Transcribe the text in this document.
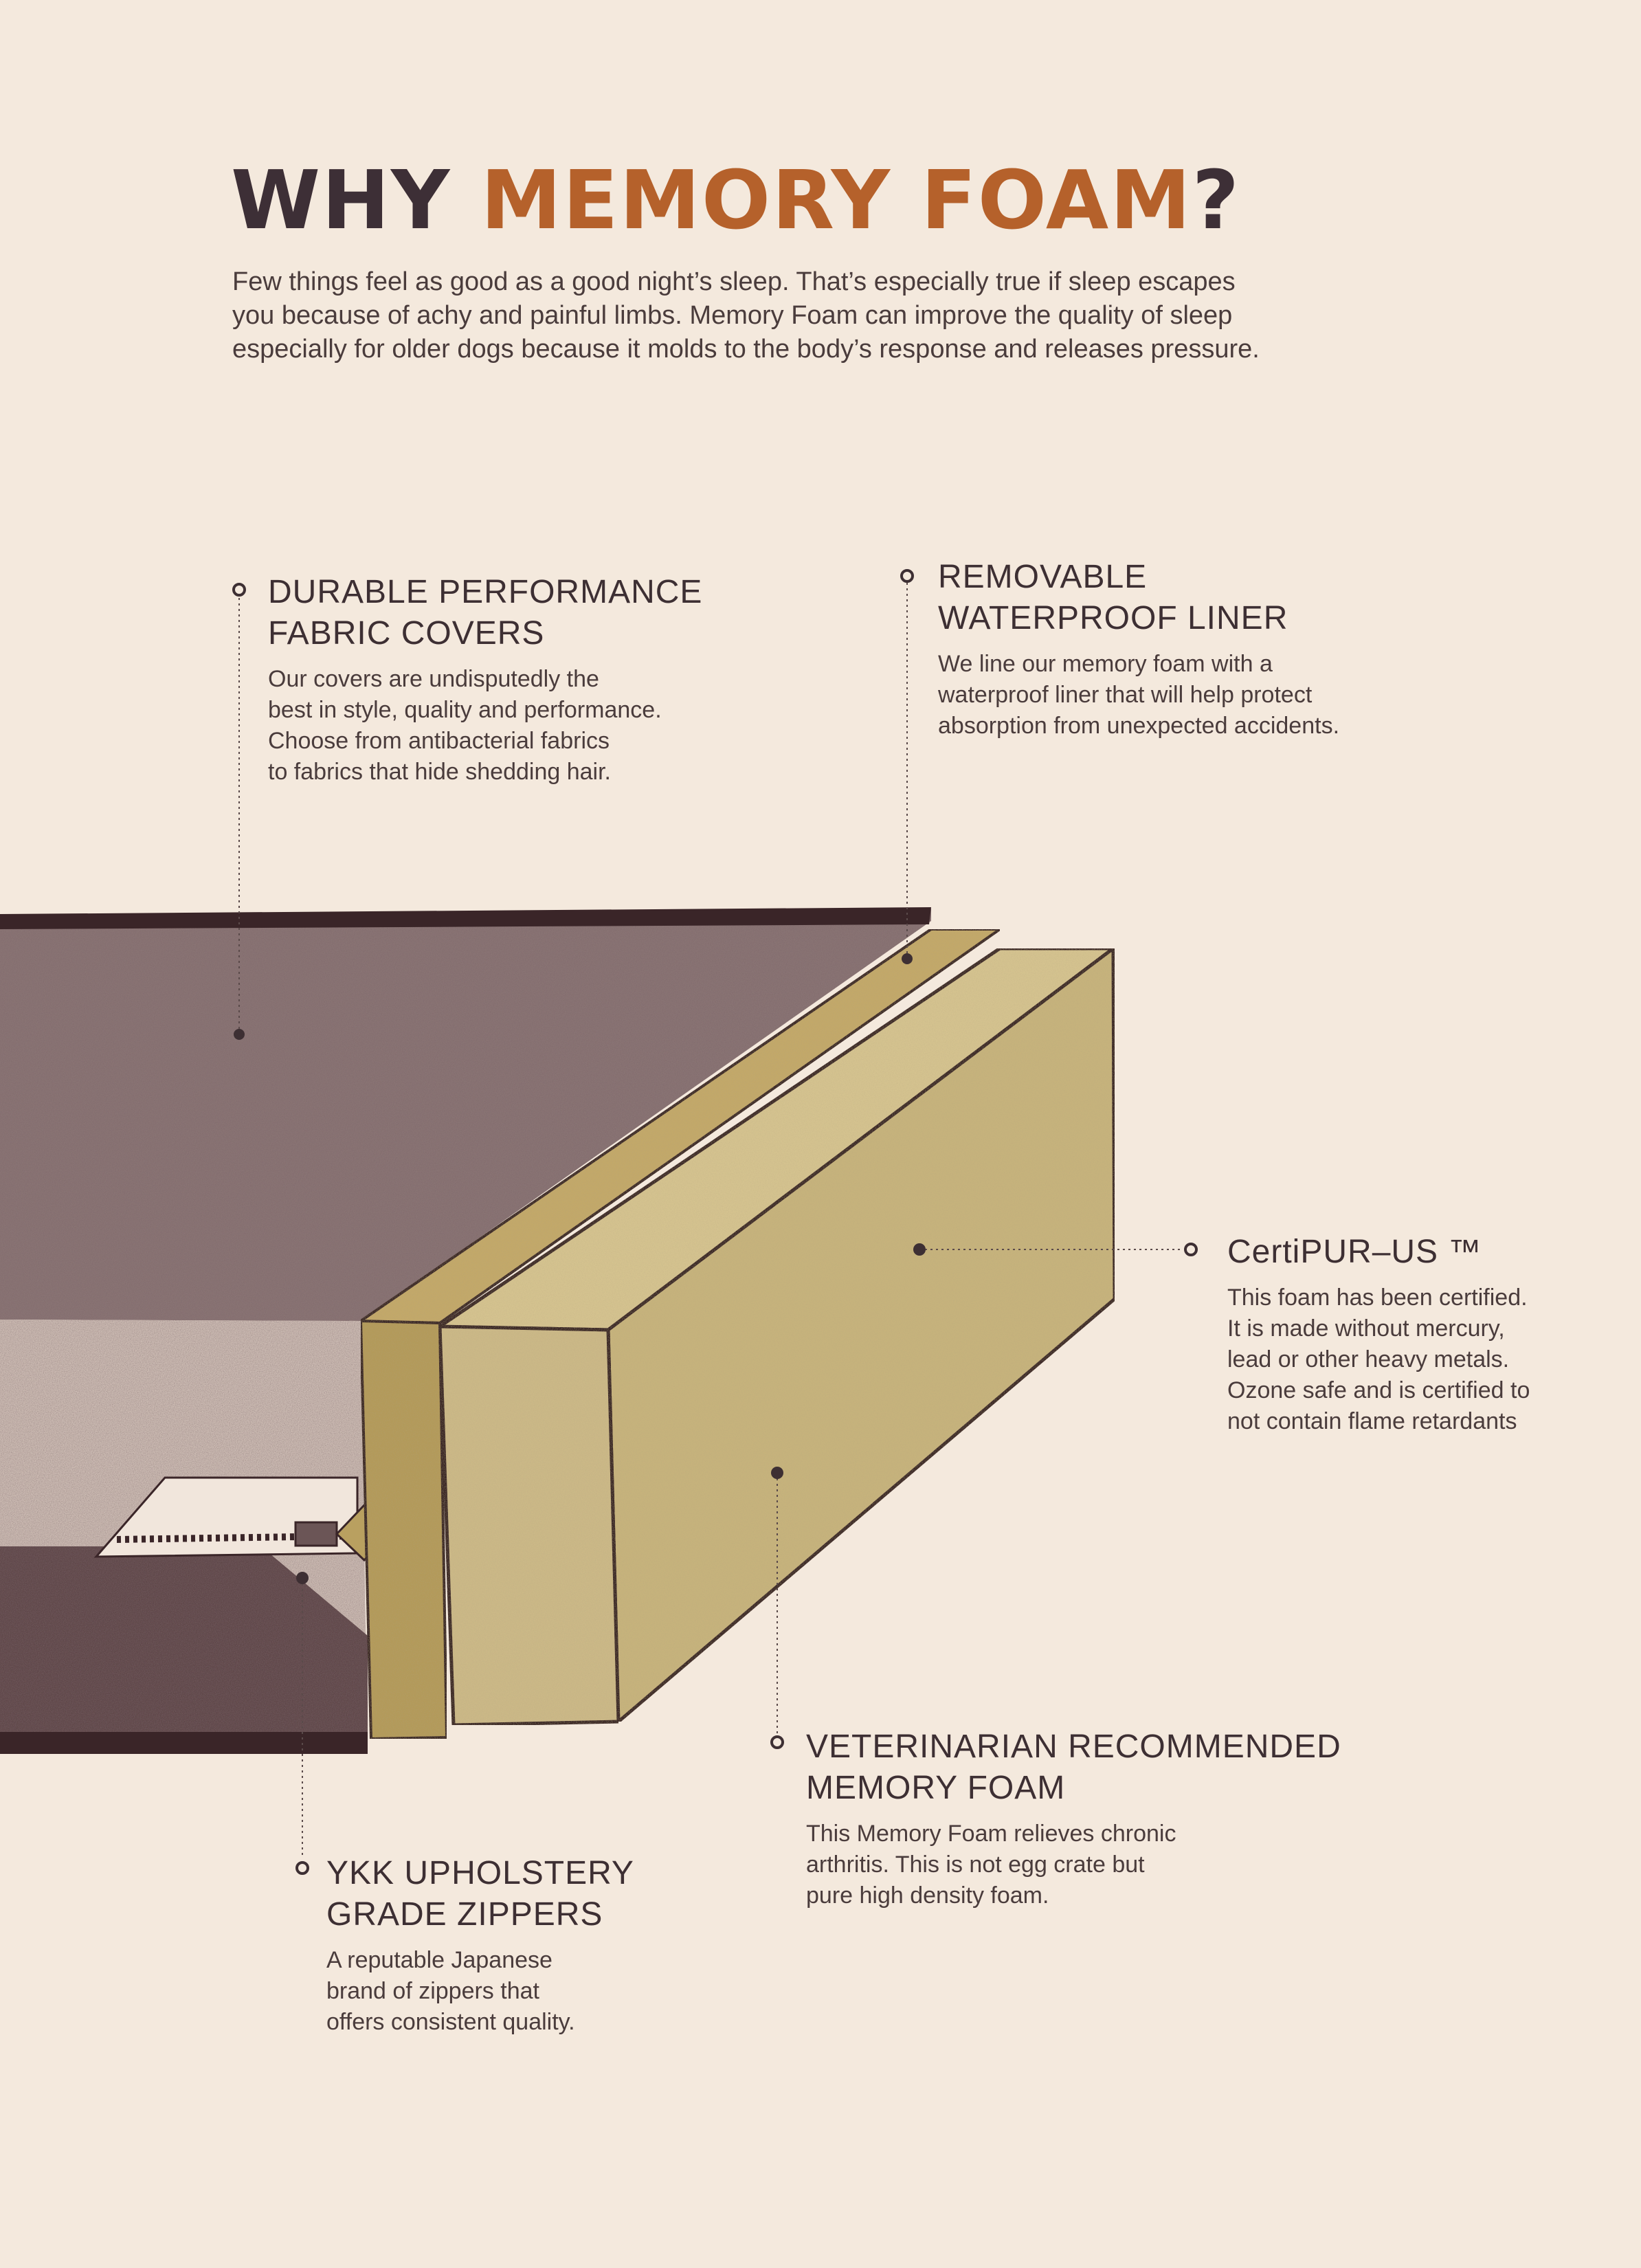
WHY MEMORY FOAM?
Few things feel as good as a good night’s sleep. That’s especially true if sleep escapes
you because of achy and painful limbs. Memory Foam can improve the quality of sleep
especially for older dogs because it molds to the body’s response and releases pressure.
DURABLE PERFORMANCE
FABRIC COVERS
Our covers are undisputedly the
best in style, quality and performance.
Choose from antibacterial fabrics
to fabrics that hide shedding hair.
REMOVABLE
WATERPROOF LINER
We line our memory foam with a
waterproof liner that will help protect
absorption from unexpected accidents.
CertiPUR–US ™
This foam has been certified.
It is made without mercury,
lead or other heavy metals.
Ozone safe and is certified to
not contain flame retardants
VETERINARIAN RECOMMENDED
MEMORY FOAM
This Memory Foam relieves chronic
arthritis. This is not egg crate but
pure high density foam.
YKK UPHOLSTERY
GRADE ZIPPERS
A reputable Japanese
brand of zippers that
offers consistent quality.
